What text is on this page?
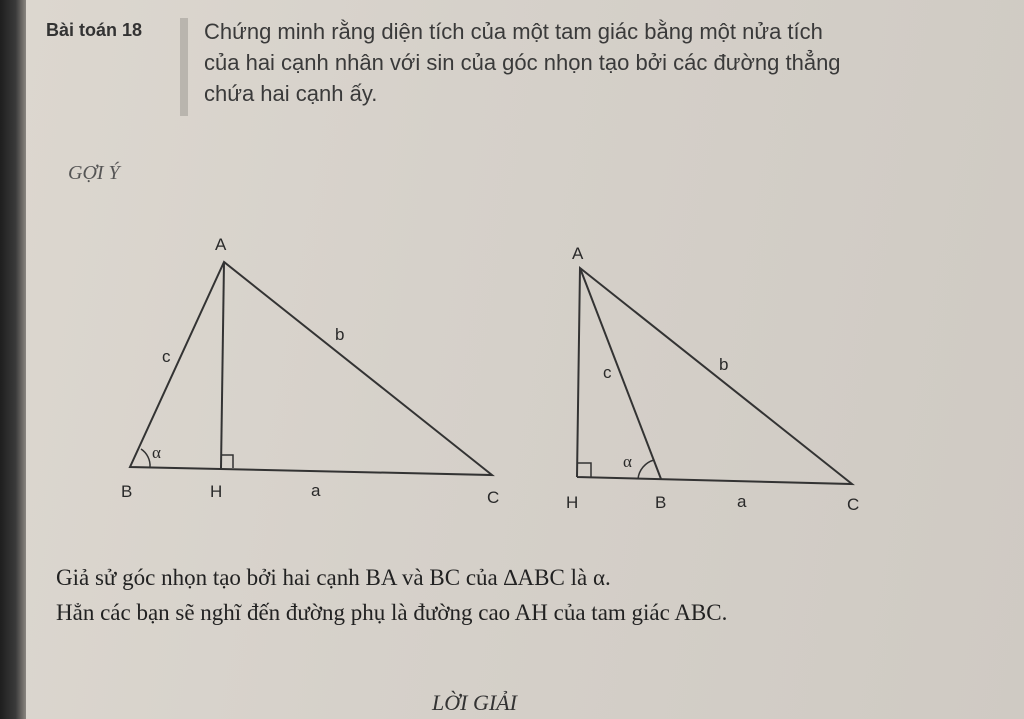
Bài toán 18	Chứng minh rằng diện tích của một tam giác bằng một nửa tích
của hai cạnh nhân với sin của góc nhọn tạo bởi các đường thẳng
chứa hai cạnh ấy.
GỢI Ý
A
B	H	C
a
b
c
α
A
H	B	C
a
b
c
α
Giả sử góc nhọn tạo bởi hai cạnh BA và BC của ∆ABC là α.
Hẳn các bạn sẽ nghĩ đến đường phụ là đường cao AH của tam giác ABC.
LỜI GIẢI
